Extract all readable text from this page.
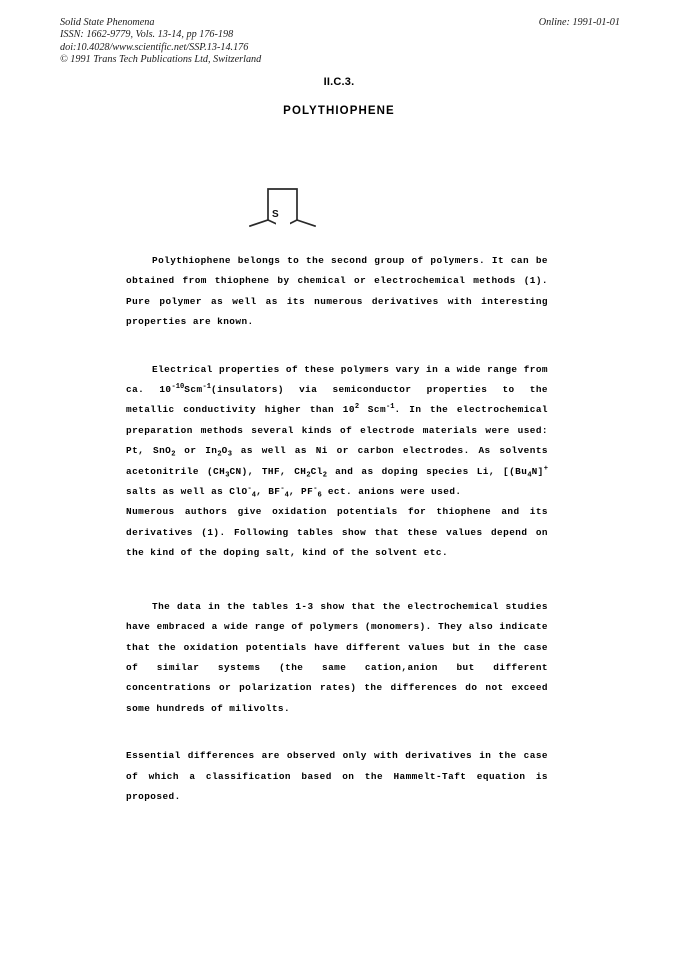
Solid State Phenomena
ISSN: 1662-9779, Vols. 13-14, pp 176-198
doi:10.4028/www.scientific.net/SSP.13-14.176
© 1991 Trans Tech Publications Ltd, Switzerland
Online: 1991-01-01
II.C.3.
POLYTHIOPHENE
S

Polythiophene belongs to the second group of polymers. It can be obtained from thiophene by chemical or electrochemical methods (1). Pure polymer as well as its numerous derivatives with interesting properties are known.

Electrical properties of these polymers vary in a wide range from ca. $10^{-10}Scm^{-1}(insulators)$ via semiconductor properties to the metallic conductivity higher than $10^2$ Scm$^{-1}$. In the electrochemical preparation methods several kinds of electrode materials were used: Pt, SnO$_2$ or $In_2O_3$ as well as Ni or carbon electrodes. As solvents acetonitrile $(CH_3CN)$, THF, $CH_2Cl_2$ and as doping species Li, [$(Bu_4N]^+$ salts as well as ClO-$_4$, $BF^-_4$, $PF^-_6$ ect. anions were used.

Numerous authors give oxidation potentials for thiophene and its derivatives (1). Following tables show that these values depend on the kind of the doping salt, kind of the solvent etc.

The data in the tables 1-3 show that the electrochemical studies have embraced a wide range of polymers (monomers). They also indicate that the oxidation potentials have different values but in the case of similar systems (the same cation,anion but different concentrations or polarization rates) the differences do not exceed some hundreds of milivolts.

Essential differences are observed only with derivatives in the case of which a classification based on the Hammelt-Taft equation is proposed.
